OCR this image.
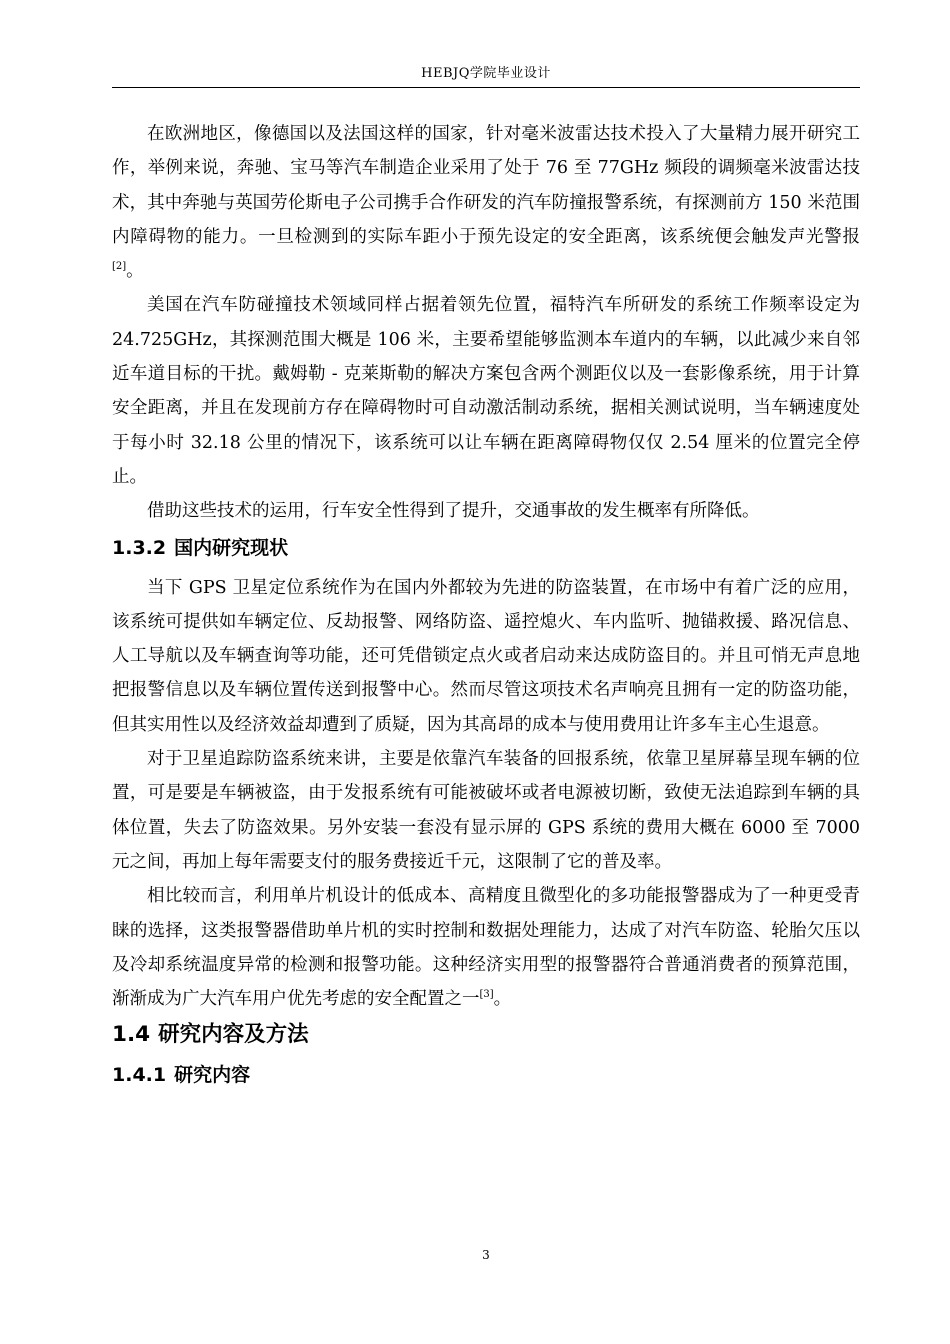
HEBJQ学院毕业设计

在欧洲地区，像德国以及法国这样的国家，针对毫米波雷达技术投入了大量精力展开研究工作，举例来说，奔驰、宝马等汽车制造企业采用了处于 76 至 77GHz 频段的调频毫米波雷达技术，其中奔驰与英国劳伦斯电子公司携手合作研发的汽车防撞报警系统，有探测前方 150 米范围内障碍物的能力。一旦检测到的实际车距小于预先设定的安全距离，该系统便会触发声光警报[2]。

美国在汽车防碰撞技术领域同样占据着领先位置，福特汽车所研发的系统工作频率设定为 24.725GHz，其探测范围大概是 106 米，主要希望能够监测本车道内的车辆，以此减少来自邻近车道目标的干扰。戴姆勒 - 克莱斯勒的解决方案包含两个测距仪以及一套影像系统，用于计算安全距离，并且在发现前方存在障碍物时可自动激活制动系统，据相关测试说明，当车辆速度处于每小时 32.18 公里的情况下，该系统可以让车辆在距离障碍物仅仅 2.54 厘米的位置完全停止。

借助这些技术的运用，行车安全性得到了提升，交通事故的发生概率有所降低。

1.3.2 国内研究现状

当下 GPS 卫星定位系统作为在国内外都较为先进的防盗装置，在市场中有着广泛的应用，该系统可提供如车辆定位、反劫报警、网络防盗、遥控熄火、车内监听、抛锚救援、路况信息、人工导航以及车辆查询等功能，还可凭借锁定点火或者启动来达成防盗目的。并且可悄无声息地把报警信息以及车辆位置传送到报警中心。然而尽管这项技术名声响亮且拥有一定的防盗功能，但其实用性以及经济效益却遭到了质疑，因为其高昂的成本与使用费用让许多车主心生退意。

对于卫星追踪防盗系统来讲，主要是依靠汽车装备的回报系统，依靠卫星屏幕呈现车辆的位置，可是要是车辆被盗，由于发报系统有可能被破坏或者电源被切断，致使无法追踪到车辆的具体位置，失去了防盗效果。另外安装一套没有显示屏的 GPS 系统的费用大概在 6000 至 7000 元之间，再加上每年需要支付的服务费接近千元，这限制了它的普及率。

相比较而言，利用单片机设计的低成本、高精度且微型化的多功能报警器成为了一种更受青睐的选择，这类报警器借助单片机的实时控制和数据处理能力，达成了对汽车防盗、轮胎欠压以及冷却系统温度异常的检测和报警功能。这种经济实用型的报警器符合普通消费者的预算范围，渐渐成为广大汽车用户优先考虑的安全配置之一[3]。

1.4 研究内容及方法
1.4.1 研究内容
3
